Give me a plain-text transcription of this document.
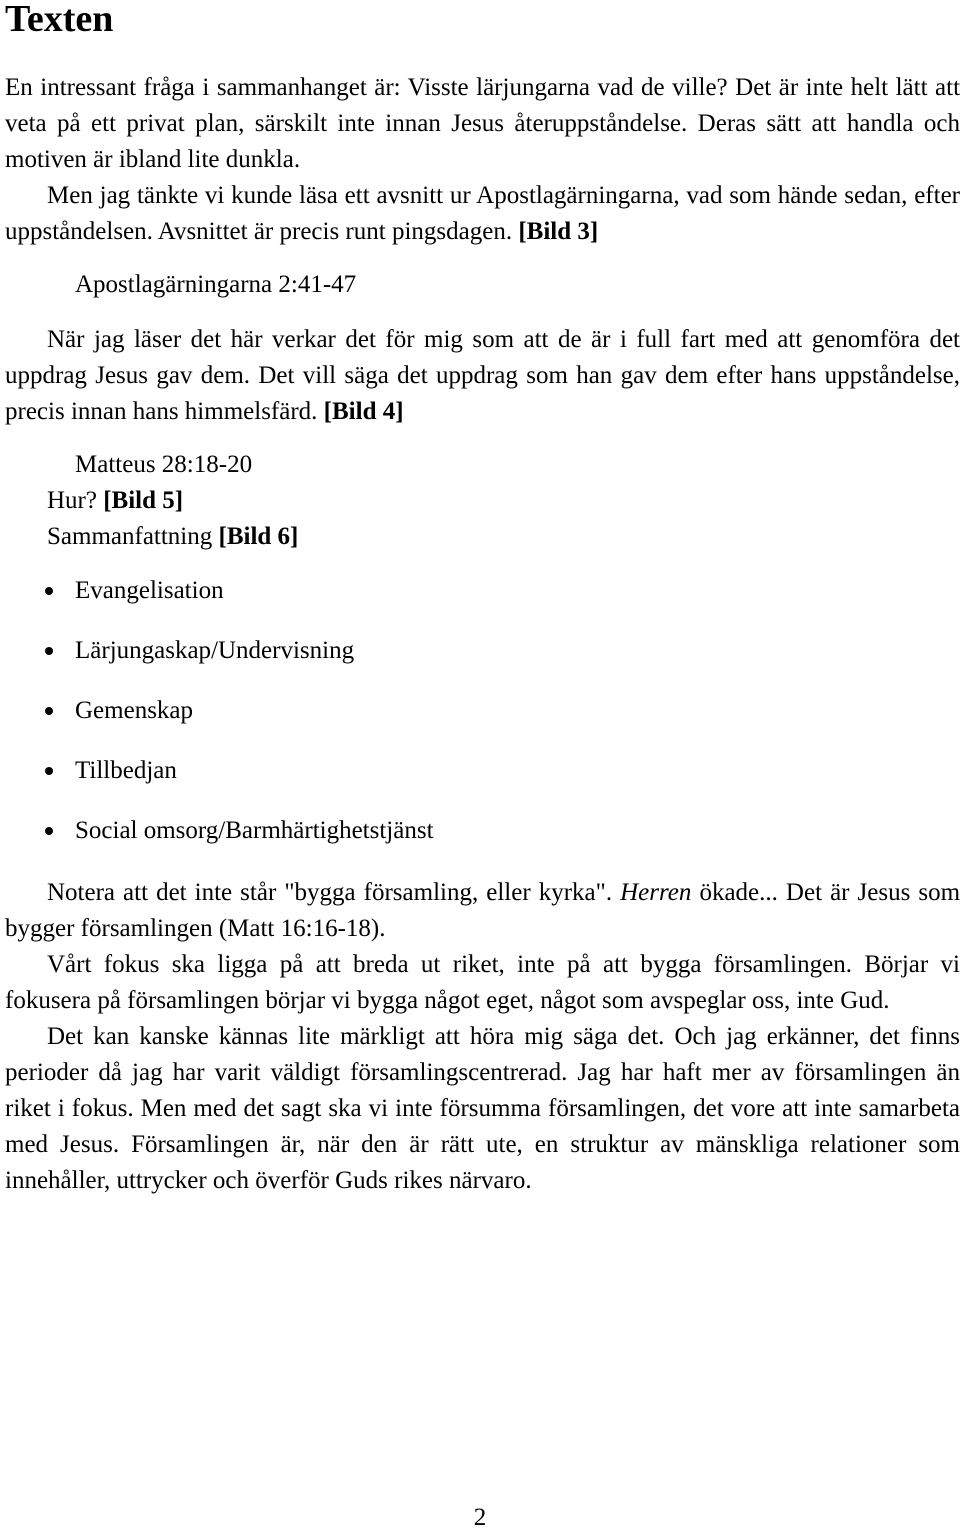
Texten

En intressant fråga i sammanhanget är: Visste lärjungarna vad de ville? Det är inte helt lätt att veta på ett privat plan, särskilt inte innan Jesus återuppståndelse. Deras sätt att handla och motiven är ibland lite dunkla.

Men jag tänkte vi kunde läsa ett avsnitt ur Apostlagärningarna, vad som hände sedan, efter uppståndelsen. Avsnittet är precis runt pingsdagen. [Bild 3]

Apostlagärningarna 2:41-47

När jag läser det här verkar det för mig som att de är i full fart med att genomföra det uppdrag Jesus gav dem. Det vill säga det uppdrag som han gav dem efter hans uppståndelse, precis innan hans himmelsfärd. [Bild 4]

Matteus 28:18-20

Hur? [Bild 5]

Sammanfattning [Bild 6]

Evangelisation
Lärjungaskap/Undervisning
Gemenskap
Tillbedjan
Social omsorg/Barmhärtighetstjänst

Notera att det inte står "bygga församling, eller kyrka". Herren ökade... Det är Jesus som bygger församlingen (Matt 16:16-18).

Vårt fokus ska ligga på att breda ut riket, inte på att bygga församlingen. Börjar vi fokusera på församlingen börjar vi bygga något eget, något som avspeglar oss, inte Gud.

Det kan kanske kännas lite märkligt att höra mig säga det. Och jag erkänner, det finns perioder då jag har varit väldigt församlingscentrerad. Jag har haft mer av församlingen än riket i fokus. Men med det sagt ska vi inte försumma församlingen, det vore att inte samarbeta med Jesus. Församlingen är, när den är rätt ute, en struktur av mänskliga relationer som innehåller, uttrycker och överför Guds rikes närvaro.

2
